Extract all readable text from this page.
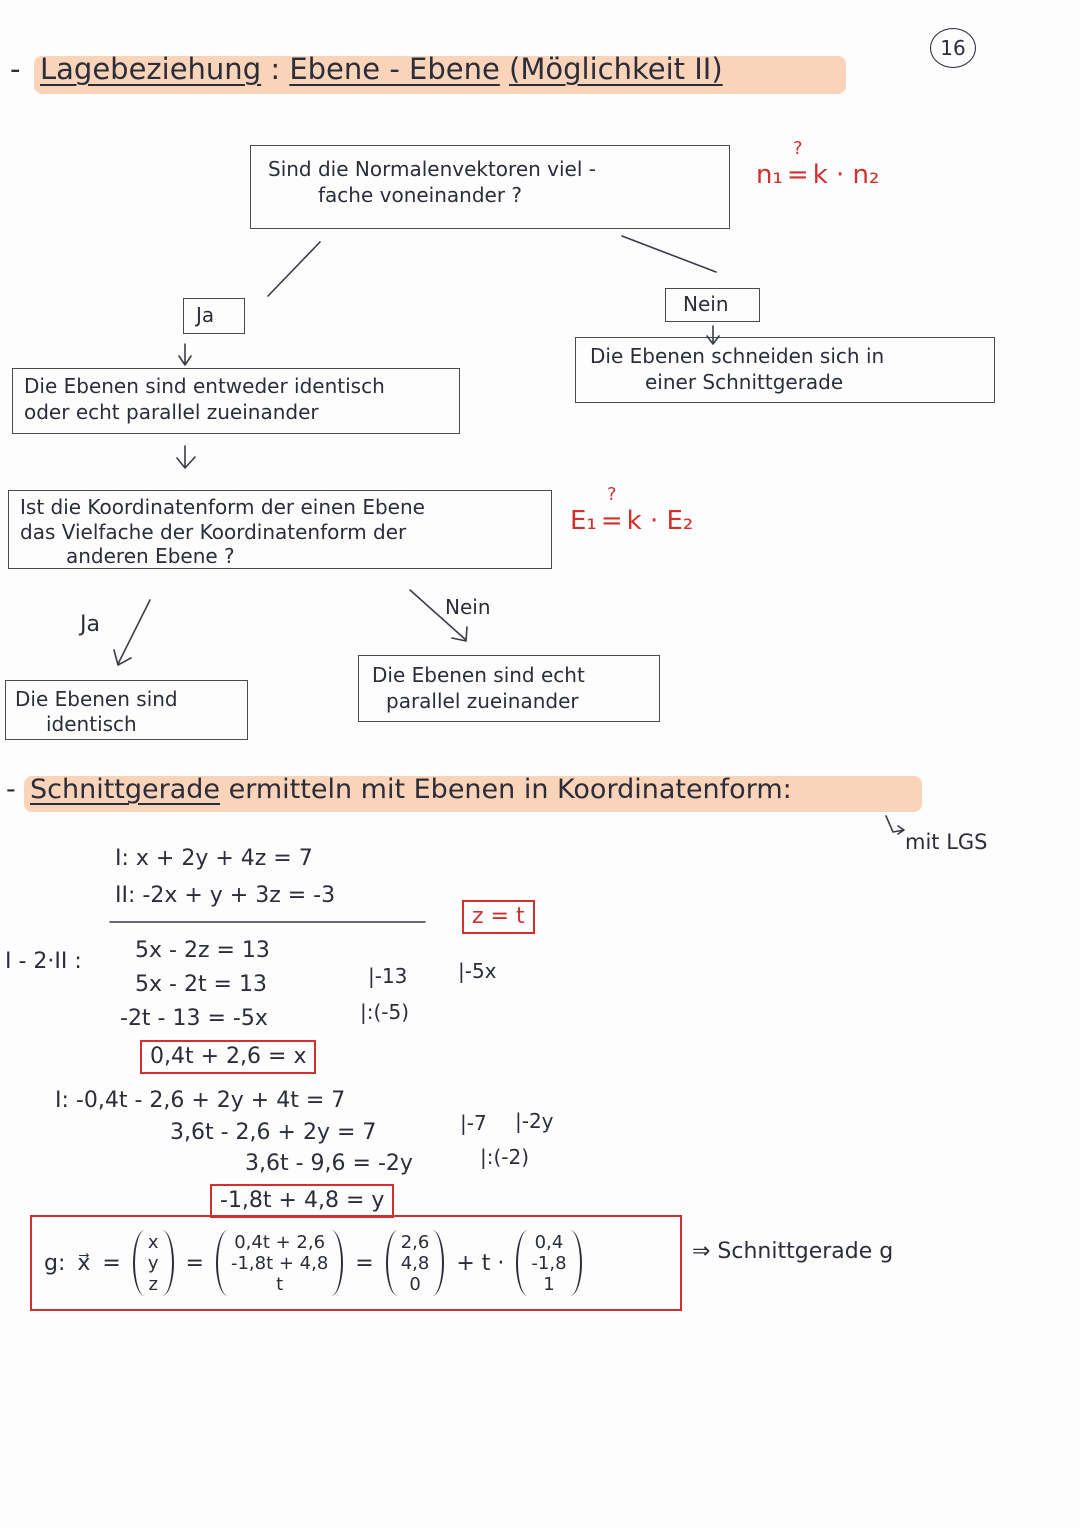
16
- Lagebeziehung : Ebene - Ebene (Möglichkeit II)
Sind die Normalenvektoren viel -
fache voneinander ?
n₁
?
= k · n₂
Ja	Nein
Die Ebenen sind entweder identisch
oder echt parallel zueinander
Die Ebenen schneiden sich in
einer Schnittgerade
Ist die Koordinatenform der einen Ebene
das Vielfache der Koordinatenform der
anderen Ebene ?
E₁
?
= k · E₂
Ja
Nein
Die Ebenen sind
identisch
Die Ebenen sind echt
parallel zueinander
- Schnittgerade ermitteln mit Ebenen in Koordinatenform:
mit LGS
I: x + 2y + 4z = 7
II: -2x + y + 3z = -3
z = t
I - 2·II : 5x - 2z = 13
5x - 2t = 13	|-13	|-5x
-2t - 13 = -5x	|:(-5)
0,4t + 2,6 = x
I: -0,4t - 2,6 + 2y + 4t = 7
3,6t - 2,6 + 2y = 7	|-7 |-2y
3,6t - 9,6 = -2y	|:(-2)
-1,8t + 4,8 = y
g: x⃗ =
x
y
z
=
0,4t + 2,6
-1,8t + 4,8
t
=
2,6
4,8
0
+ t ·
0,4
-1,8
1
⇒ Schnittgerade g
